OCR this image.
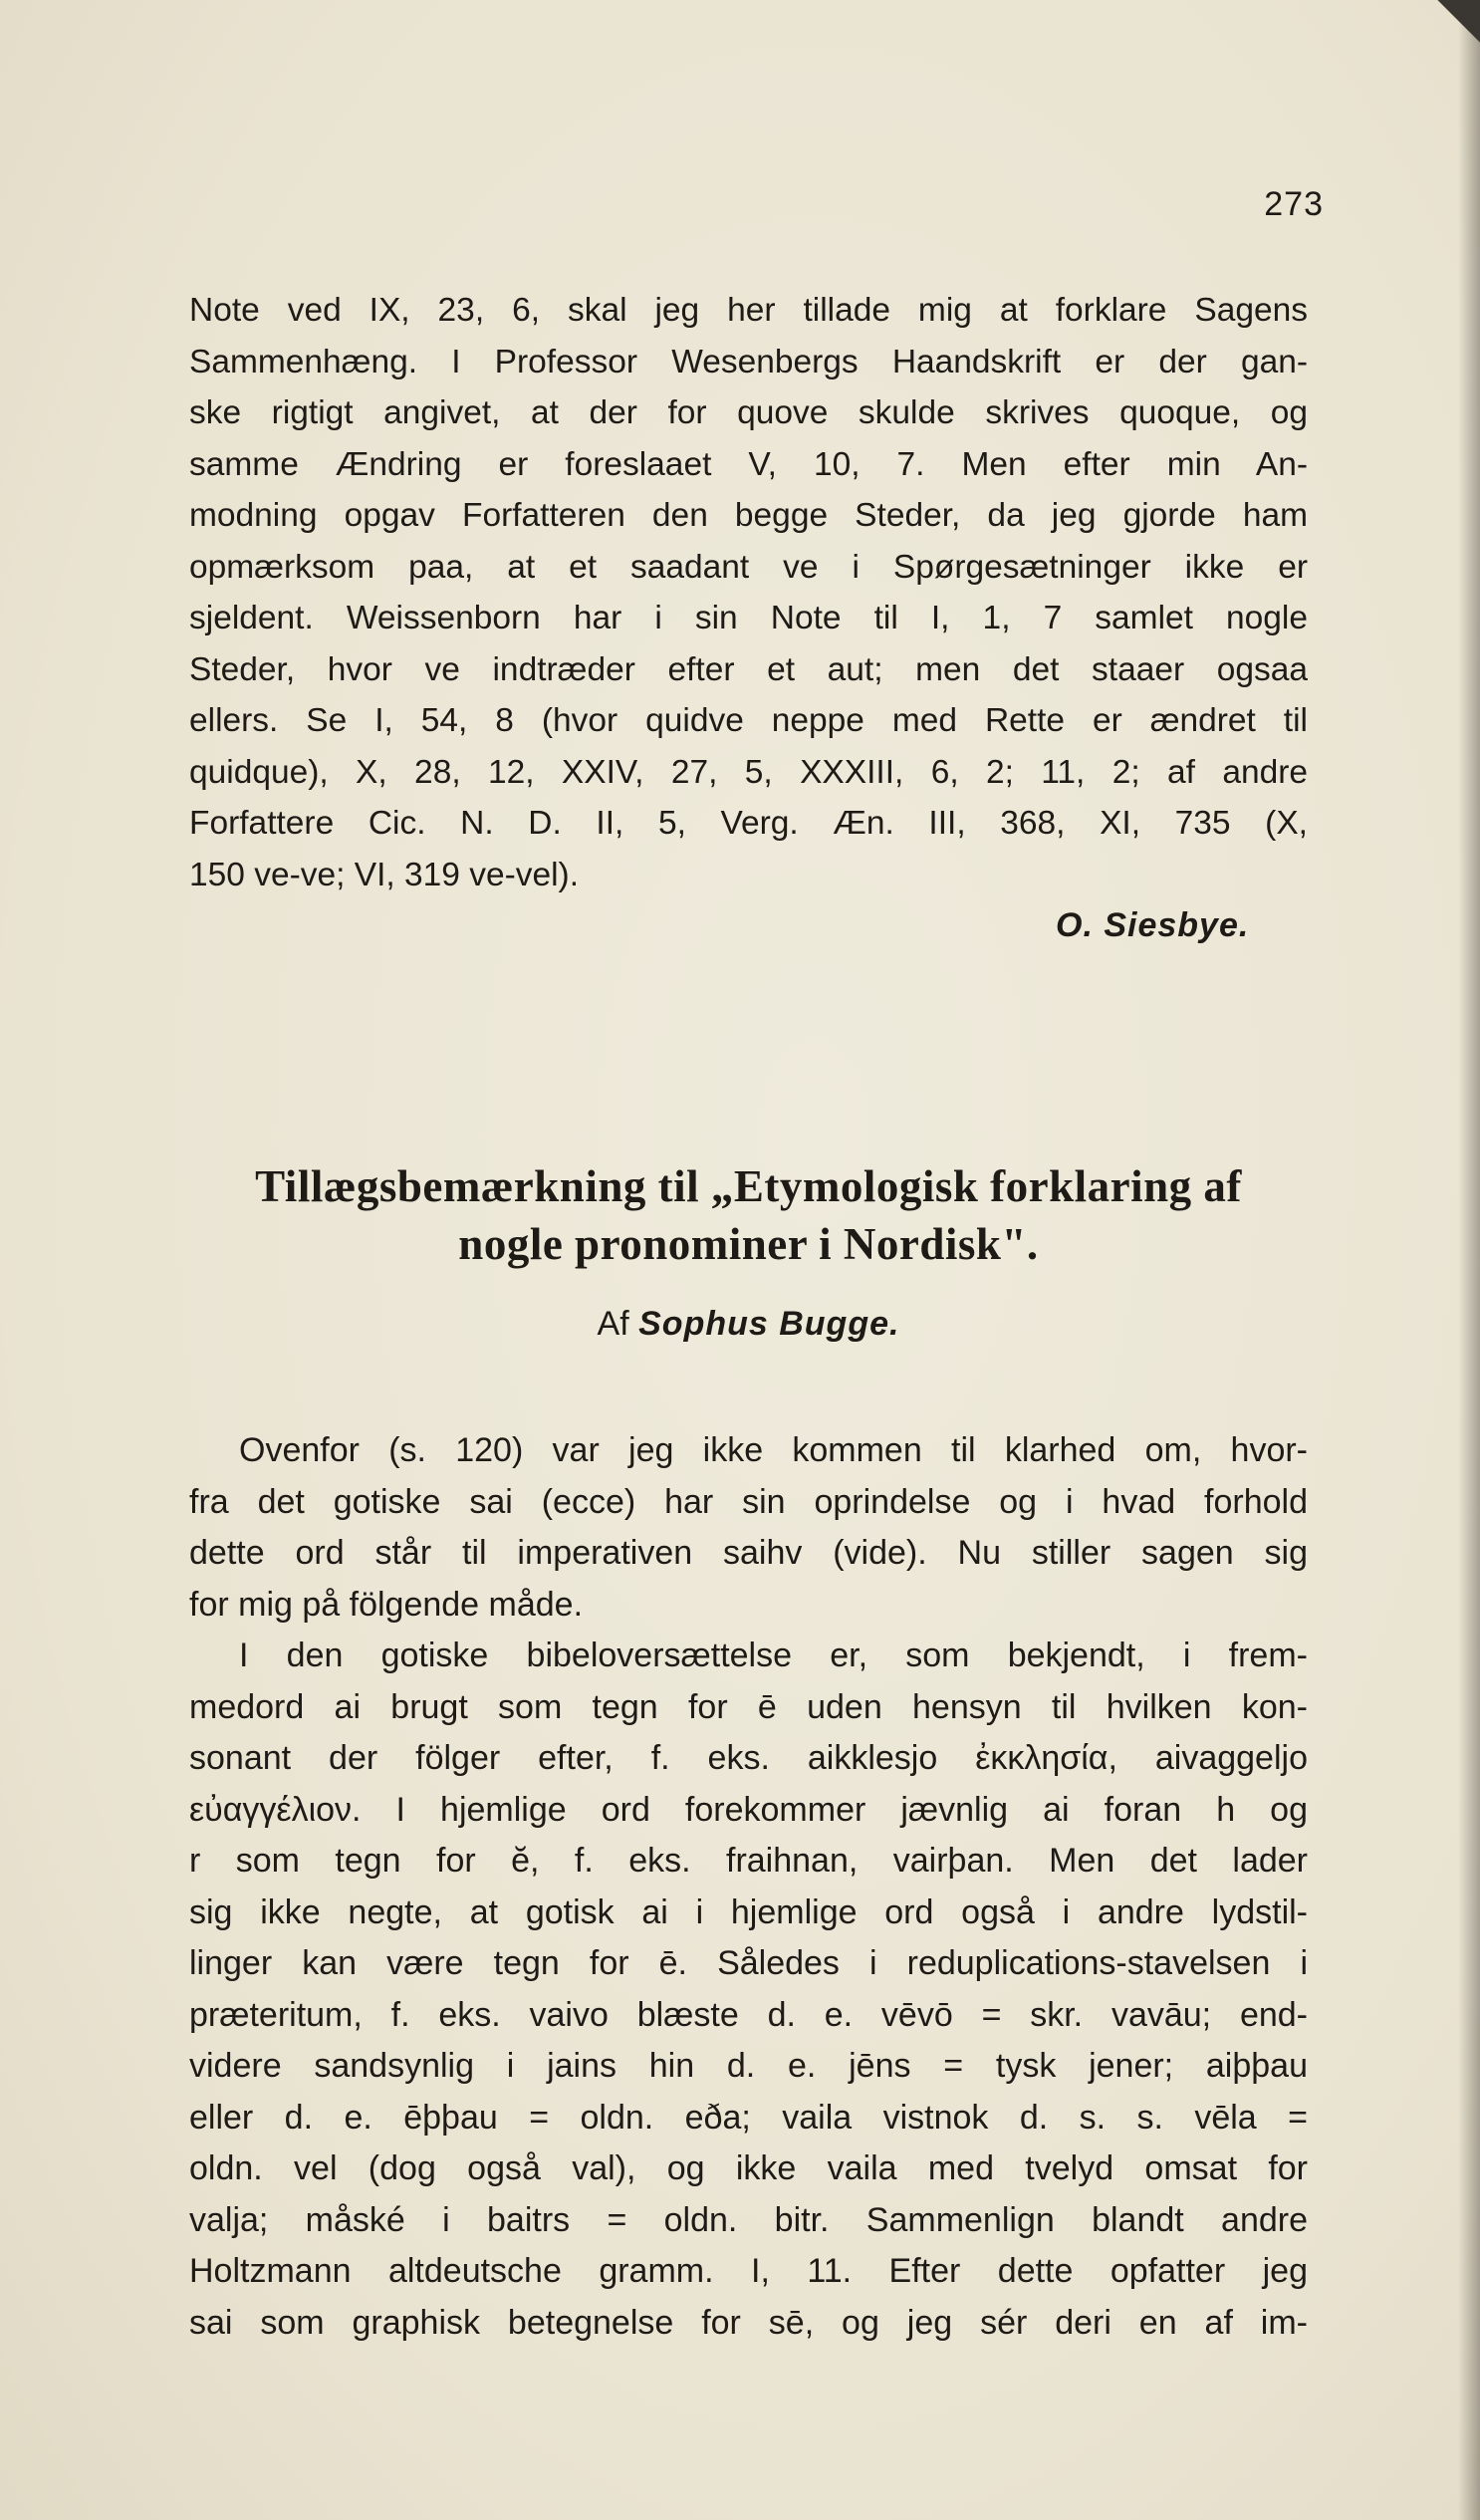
273
Note ved IX, 23, 6, skal jeg her tillade mig at forklare Sagens
Sammenhæng. I Professor Wesenbergs Haandskrift er der gan-
ske rigtigt angivet, at der for quove skulde skrives quoque, og
samme Ændring er foreslaaet V, 10, 7. Men efter min An-
modning opgav Forfatteren den begge Steder, da jeg gjorde ham
opmærksom paa, at et saadant ve i Spørgesætninger ikke er
sjeldent. Weissenborn har i sin Note til I, 1, 7 samlet nogle
Steder, hvor ve indtræder efter et aut; men det staaer ogsaa
ellers. Se I, 54, 8 (hvor quidve neppe med Rette er ændret til
quidque), X, 28, 12, XXIV, 27, 5, XXXIII, 6, 2; 11, 2; af andre
Forfattere Cic. N. D. II, 5, Verg. Æn. III, 368, XI, 735 (X,
150 ve-ve; VI, 319 ve-vel).
O. Siesbye.
Tillægsbemærkning til „Etymologisk forklaring af
nogle pronominer i Nordisk".
Af Sophus Bugge.
Ovenfor (s. 120) var jeg ikke kommen til klarhed om, hvor-
fra det gotiske sai (ecce) har sin oprindelse og i hvad forhold
dette ord står til imperativen saihv (vide). Nu stiller sagen sig
for mig på fölgende måde.
I den gotiske bibeloversættelse er, som bekjendt, i frem-
medord ai brugt som tegn for ē uden hensyn til hvilken kon-
sonant der fölger efter, f. eks. aikklesjo ἐκκλησία, aivaggeljo
εὐαγγέλιον. I hjemlige ord forekommer jævnlig ai foran h og
r som tegn for ĕ, f. eks. fraihnan, vairþan. Men det lader
sig ikke negte, at gotisk ai i hjemlige ord også i andre lydstil-
linger kan være tegn for ē. Således i reduplications-stavelsen i
præteritum, f. eks. vaivo blæste d. e. vēvō = skr. vavāu; end-
videre sandsynlig i jains hin d. e. jēns = tysk jener; aiþþau
eller d. e. ēþþau = oldn. eða; vaila vistnok d. s. s. vēla =
oldn. vel (dog også val), og ikke vaila med tvelyd omsat for
valja; måské i baitrs = oldn. bitr. Sammenlign blandt andre
Holtzmann altdeutsche gramm. I, 11. Efter dette opfatter jeg
sai som graphisk betegnelse for sē, og jeg sér deri en af im-
